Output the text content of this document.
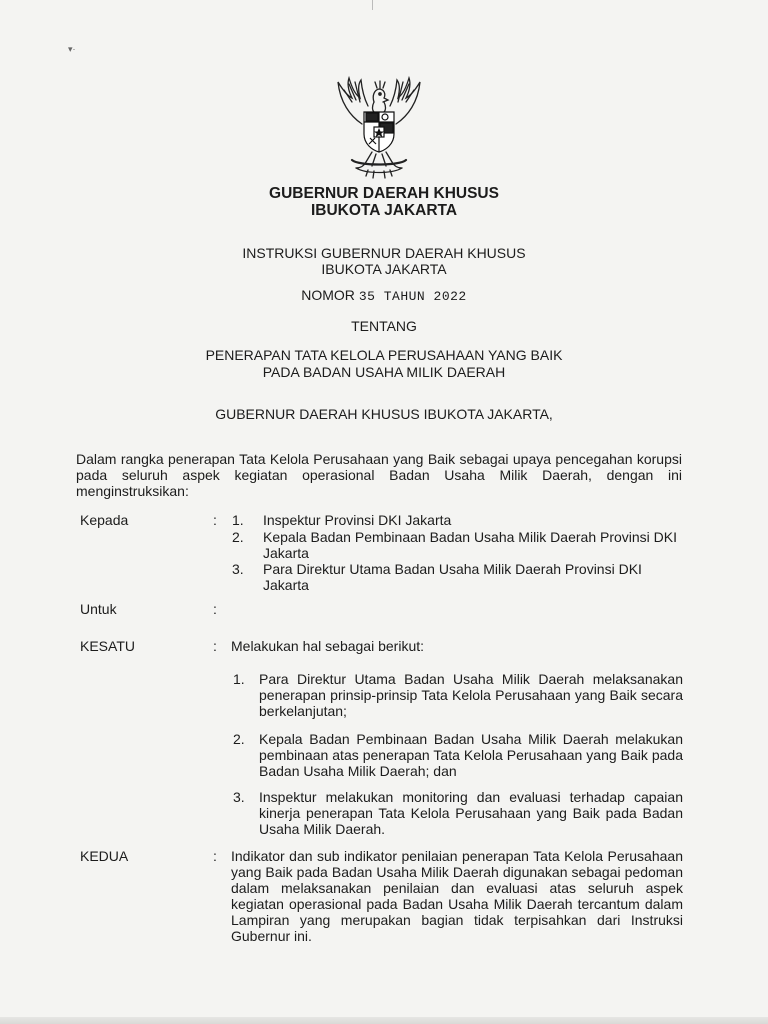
▾·
GUBERNUR DAERAH KHUSUS
IBUKOTA JAKARTA
INSTRUKSI GUBERNUR DAERAH KHUSUS
IBUKOTA JAKARTA
NOMOR 35 TAHUN 2022
TENTANG
PENERAPAN TATA KELOLA PERUSAHAAN YANG BAIK
PADA BADAN USAHA MILIK DAERAH
GUBERNUR DAERAH KHUSUS IBUKOTA JAKARTA,
Dalam rangka penerapan Tata Kelola Perusahaan yang Baik sebagai upaya pencegahan korupsi pada seluruh aspek kegiatan operasional Badan Usaha Milik Daerah, dengan ini menginstruksikan:
Kepada	: 1. Inspektur Provinsi DKI Jakarta
2. Kepala Badan Pembinaan Badan Usaha Milik Daerah Provinsi DKI Jakarta
3. Para Direktur Utama Badan Usaha Milik Daerah Provinsi DKI Jakarta
Untuk	:
KESATU	: Melakukan hal sebagai berikut:
1. Para Direktur Utama Badan Usaha Milik Daerah melaksanakan penerapan prinsip-prinsip Tata Kelola Perusahaan yang Baik secara berkelanjutan;
2. Kepala Badan Pembinaan Badan Usaha Milik Daerah melakukan pembinaan atas penerapan Tata Kelola Perusahaan yang Baik pada Badan Usaha Milik Daerah; dan
3. Inspektur melakukan monitoring dan evaluasi terhadap capaian kinerja penerapan Tata Kelola Perusahaan yang Baik pada Badan Usaha Milik Daerah.
KEDUA	: Indikator dan sub indikator penilaian penerapan Tata Kelola Perusahaan yang Baik pada Badan Usaha Milik Daerah digunakan sebagai pedoman dalam melaksanakan penilaian dan evaluasi atas seluruh aspek kegiatan operasional pada Badan Usaha Milik Daerah tercantum dalam Lampiran yang merupakan bagian tidak terpisahkan dari Instruksi Gubernur ini.
